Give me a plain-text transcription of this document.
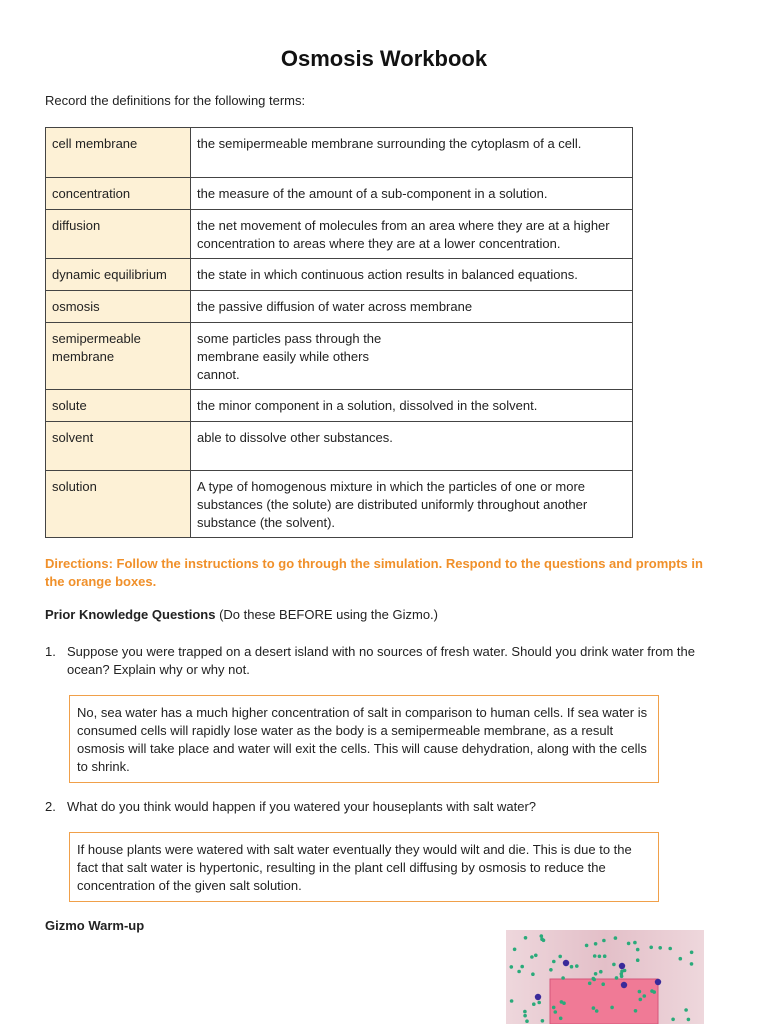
Osmosis Workbook
Record the definitions for the following terms:
cell membrane	the semipermeable membrane surrounding the cytoplasm of a cell.
concentration	the measure of the amount of a sub-component in a solution.
diffusion	the net movement of molecules from an area where they are at a higher concentration to areas where they are at a lower concentration.
dynamic equilibrium	the state in which continuous action results in balanced equations.
osmosis	the passive diffusion of water across membrane
semipermeable membrane	some particles pass through the membrane easily while others cannot.

solute	the minor component in a solution, dissolved in the solvent.
solvent	able to dissolve other substances.
solution	A type of homogenous mixture in which the particles of one or more substances (the solute) are distributed uniformly throughout another substance (the solvent).
Directions: Follow the instructions to go through the simulation. Respond to the questions and prompts in the orange boxes.
Prior Knowledge Questions (Do these BEFORE using the Gizmo.)
1. Suppose you were trapped on a desert island with no sources of fresh water. Should you drink water from the ocean? Explain why or why not.
No, sea water has a much higher concentration of salt in comparison to human cells. If sea water is consumed cells will rapidly lose water as the body is a semipermeable membrane, as a result osmosis will take place and water will exit the cells. This will cause dehydration, along with the cells to shrink.
2. What do you think would happen if you watered your houseplants with salt water?
If house plants were watered with salt water eventually they would wilt and die. This is due to the fact that salt water is hypertonic, resulting in the plant cell diffusing by osmosis to reduce the concentration of the given salt solution.
Gizmo Warm-up
